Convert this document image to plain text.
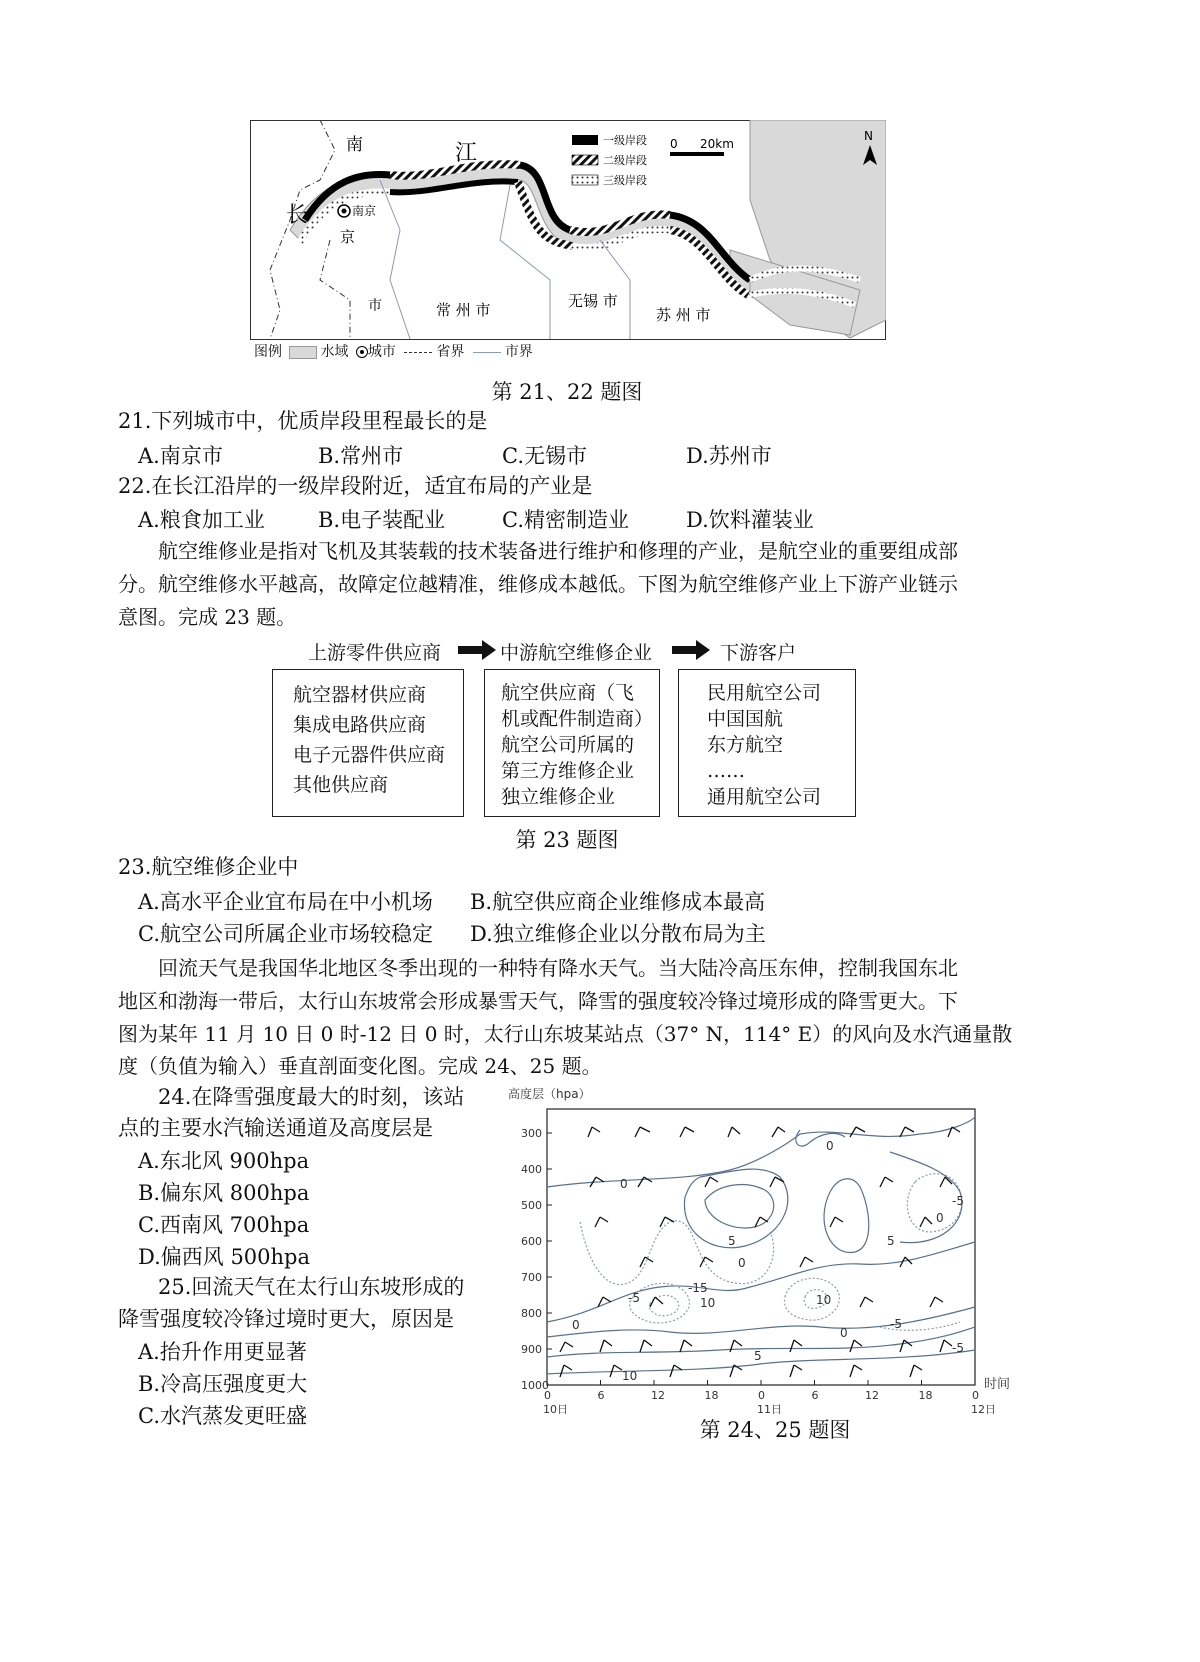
一级岸段
二级岸段
三级岸段
0 20km
N
南	江
长	南京
京
市	常 州 市	无锡 市
苏 州 市
图例	水域 城市	省界	市界
第 21、22 题图
21.下列城市中，优质岸段里程最长的是
A.南京市	B.常州市	C.无锡市	D.苏州市
22.在长江沿岸的一级岸段附近，适宜布局的产业是
A.粮食加工业	B.电子装配业	C.精密制造业	D.饮料灌装业
航空维修业是指对飞机及其装载的技术装备进行维护和修理的产业，是航空业的重要组成部
分。航空维修水平越高，故障定位越精准，维修成本越低。下图为航空维修产业上下游产业链示
意图。完成 23 题。
上游零件供应商	中游航空维修企业	下游客户
航空器材供应商
集成电路供应商
电子元器件供应商
其他供应商
航空供应商（飞
机或配件制造商）
航空公司所属的
第三方维修企业
独立维修企业
民用航空公司
中国国航
东方航空
……
通用航空公司
第 23 题图
23.航空维修企业中
A.高水平企业宜布局在中小机场 B.航空供应商企业维修成本最高
C.航空公司所属企业市场较稳定 D.独立维修企业以分散布局为主
回流天气是我国华北地区冬季出现的一种特有降水天气。当大陆冷高压东伸，控制我国东北
地区和渤海一带后，太行山东坡常会形成暴雪天气，降雪的强度较冷锋过境形成的降雪更大。下
图为某年 11 月 10 日 0 时-12 日 0 时，太行山东坡某站点（37° N，114° E）的风向及水汽通量散
度（负值为输入）垂直剖面变化图。完成 24、25 题。
24.在降雪强度最大的时刻，该站
点的主要水汽输送通道及高度层是
A.东北风 900hpa
B.偏东风 800hpa
C.西南风 700hpa
D.偏西风 500hpa
25.回流天气在太行山东坡形成的
降雪强度较冷锋过境时更大，原因是
A.抬升作用更显著
B.冷高压强度更大
C.水汽蒸发更旺盛
高度层（hpa）
300
400
500
600
700
800
900
1000
0	6	12	18	0	6	12	18	0
0
0
-5
5
0
5
0
-5
-15
10	10
0
0
-5
5
10
-5
时间
10日	11日	12日
第 24、25 题图
